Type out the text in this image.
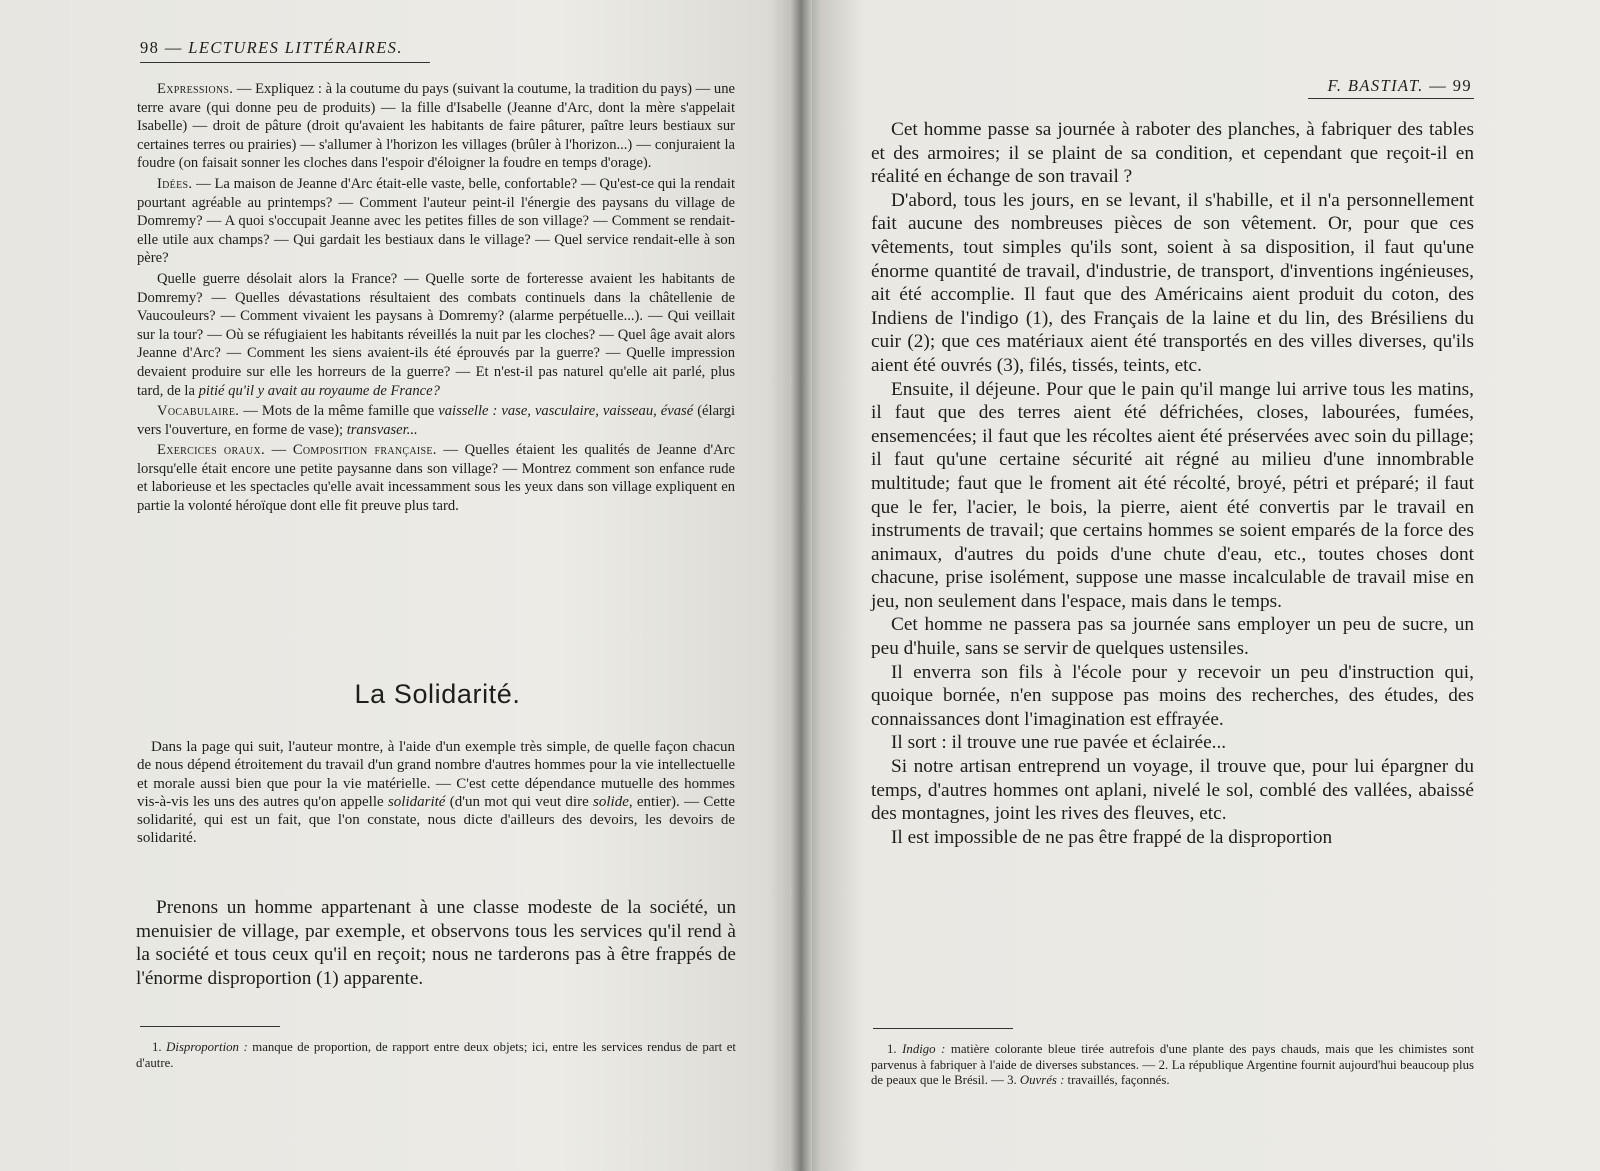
98 — LECTURES LITTÉRAIRES.

Expressions. — Expliquez : à la coutume du pays (suivant la coutume, la tradition du pays) — une terre avare (qui donne peu de produits) — la fille d'Isabelle (Jeanne d'Arc, dont la mère s'appelait Isabelle) — droit de pâture (droit qu'avaient les habitants de faire pâturer, paître leurs bestiaux sur certaines terres ou prairies) — s'allumer à l'horizon les villages (brûler à l'horizon...) — conjuraient la foudre (on faisait sonner les cloches dans l'espoir d'éloigner la foudre en temps d'orage).

Idées. — La maison de Jeanne d'Arc était-elle vaste, belle, confortable? — Qu'est-ce qui la rendait pourtant agréable au printemps? — Comment l'auteur peint-il l'énergie des paysans du village de Domremy? — A quoi s'occupait Jeanne avec les petites filles de son village? — Comment se rendait-elle utile aux champs? — Qui gardait les bestiaux dans le village? — Quel service rendait-elle à son père?

Quelle guerre désolait alors la France? — Quelle sorte de forteresse avaient les habitants de Domremy? — Quelles dévastations résultaient des combats continuels dans la châtellenie de Vaucouleurs? — Comment vivaient les paysans à Domremy? (alarme perpétuelle...). — Qui veillait sur la tour? — Où se réfugiaient les habitants réveillés la nuit par les cloches? — Quel âge avait alors Jeanne d'Arc? — Comment les siens avaient-ils été éprouvés par la guerre? — Quelle impression devaient produire sur elle les horreurs de la guerre? — Et n'est-il pas naturel qu'elle ait parlé, plus tard, de la pitié qu'il y avait au royaume de France?

Vocabulaire. — Mots de la même famille que vaisselle : vase, vasculaire, vaisseau, évasé (élargi vers l'ouverture, en forme de vase); transvaser...

Exercices oraux. — Composition française. — Quelles étaient les qualités de Jeanne d'Arc lorsqu'elle était encore une petite paysanne dans son village? — Montrez comment son enfance rude et laborieuse et les spectacles qu'elle avait incessamment sous les yeux dans son village expliquent en partie la volonté héroïque dont elle fit preuve plus tard.

La Solidarité.

Dans la page qui suit, l'auteur montre, à l'aide d'un exemple très simple, de quelle façon chacun de nous dépend étroitement du travail d'un grand nombre d'autres hommes pour la vie intellectuelle et morale aussi bien que pour la vie matérielle. — C'est cette dépendance mutuelle des hommes vis-à-vis les uns des autres qu'on appelle solidarité (d'un mot qui veut dire solide, entier). — Cette solidarité, qui est un fait, que l'on constate, nous dicte d'ailleurs des devoirs, les devoirs de solidarité.

Prenons un homme appartenant à une classe modeste de la société, un menuisier de village, par exemple, et observons tous les services qu'il rend à la société et tous ceux qu'il en reçoit; nous ne tarderons pas à être frappés de l'énorme disproportion (1) apparente.

1. Disproportion : manque de proportion, de rapport entre deux objets; ici, entre les services rendus de part et d'autre.

F. BASTIAT. — 99

Cet homme passe sa journée à raboter des planches, à fabriquer des tables et des armoires; il se plaint de sa condition, et cependant que reçoit-il en réalité en échange de son travail ?

D'abord, tous les jours, en se levant, il s'habille, et il n'a personnellement fait aucune des nombreuses pièces de son vêtement. Or, pour que ces vêtements, tout simples qu'ils sont, soient à sa disposition, il faut qu'une énorme quantité de travail, d'industrie, de transport, d'inventions ingénieuses, ait été accomplie. Il faut que des Américains aient produit du coton, des Indiens de l'indigo (1), des Français de la laine et du lin, des Brésiliens du cuir (2); que ces matériaux aient été transportés en des villes diverses, qu'ils aient été ouvrés (3), filés, tissés, teints, etc.

Ensuite, il déjeune. Pour que le pain qu'il mange lui arrive tous les matins, il faut que des terres aient été défrichées, closes, labourées, fumées, ensemencées; il faut que les récoltes aient été préservées avec soin du pillage; il faut qu'une certaine sécurité ait régné au milieu d'une innombrable multitude; faut que le froment ait été récolté, broyé, pétri et préparé; il faut que le fer, l'acier, le bois, la pierre, aient été convertis par le travail en instruments de travail; que certains hommes se soient emparés de la force des animaux, d'autres du poids d'une chute d'eau, etc., toutes choses dont chacune, prise isolément, suppose une masse incalculable de travail mise en jeu, non seulement dans l'espace, mais dans le temps.

Cet homme ne passera pas sa journée sans employer un peu de sucre, un peu d'huile, sans se servir de quelques ustensiles.

Il enverra son fils à l'école pour y recevoir un peu d'instruction qui, quoique bornée, n'en suppose pas moins des recherches, des études, des connaissances dont l'imagination est effrayée.

Il sort : il trouve une rue pavée et éclairée...

Si notre artisan entreprend un voyage, il trouve que, pour lui épargner du temps, d'autres hommes ont aplani, nivelé le sol, comblé des vallées, abaissé des montagnes, joint les rives des fleuves, etc.

Il est impossible de ne pas être frappé de la disproportion

1. Indigo : matière colorante bleue tirée autrefois d'une plante des pays chauds, mais que les chimistes sont parvenus à fabriquer à l'aide de diverses substances. — 2. La république Argentine fournit aujourd'hui beaucoup plus de peaux que le Brésil. — 3. Ouvrés : travaillés, façonnés.
